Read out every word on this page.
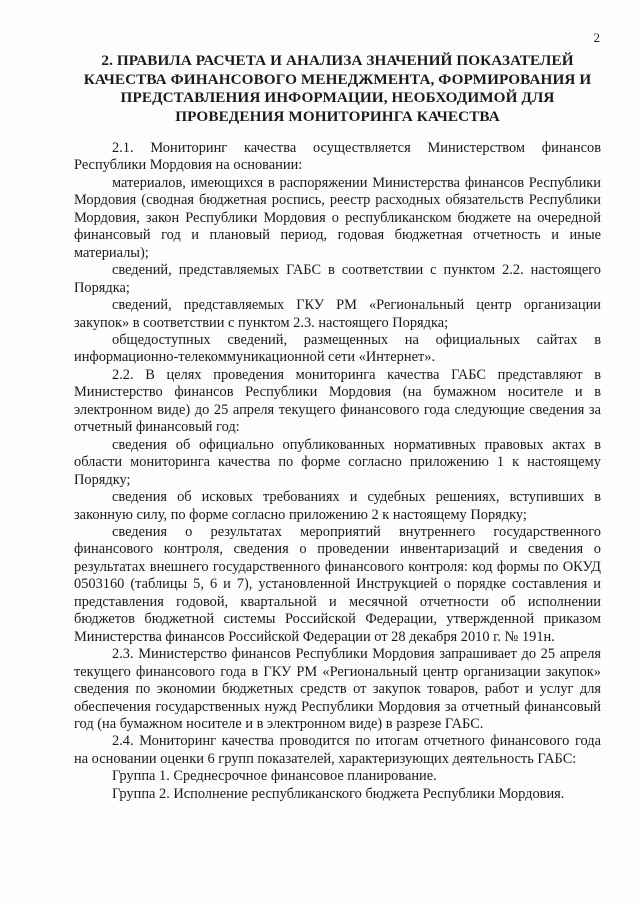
2
2. ПРАВИЛА РАСЧЕТА И АНАЛИЗА ЗНАЧЕНИЙ ПОКАЗАТЕЛЕЙ
КАЧЕСТВА ФИНАНСОВОГО МЕНЕДЖМЕНТА, ФОРМИРОВАНИЯ И
ПРЕДСТАВЛЕНИЯ ИНФОРМАЦИИ, НЕОБХОДИМОЙ ДЛЯ
ПРОВЕДЕНИЯ МОНИТОРИНГА КАЧЕСТВА

2.1. Мониторинг качества осуществляется Министерством финансов Республики Мордовия на основании:

материалов, имеющихся в распоряжении Министерства финансов Республики Мордовия (сводная бюджетная роспись, реестр расходных обязательств Республики Мордовия, закон Республики Мордовия о республиканском бюджете на очередной финансовый год и плановый период, годовая бюджетная отчетность и иные материалы);

сведений, представляемых ГАБС в соответствии с пунктом 2.2. настоящего Порядка;

сведений, представляемых ГКУ РМ «Региональный центр организации закупок» в соответствии с пунктом 2.3. настоящего Порядка;

общедоступных сведений, размещенных на официальных сайтах в информационно-телекоммуникационной сети «Интернет».

2.2. В целях проведения мониторинга качества ГАБС представляют в Министерство финансов Республики Мордовия (на бумажном носителе и в электронном виде) до 25 апреля текущего финансового года следующие сведения за отчетный финансовый год:

сведения об официально опубликованных нормативных правовых актах в области мониторинга качества по форме согласно приложению 1 к настоящему Порядку;

сведения об исковых требованиях и судебных решениях, вступивших в законную силу, по форме согласно приложению 2 к настоящему Порядку;

сведения о результатах мероприятий внутреннего государственного финансового контроля, сведения о проведении инвентаризаций и сведения о результатах внешнего государственного финансового контроля: код формы по ОКУД 0503160 (таблицы 5, 6 и 7), установленной Инструкцией о порядке составления и представления годовой, квартальной и месячной отчетности об исполнении бюджетов бюджетной системы Российской Федерации, утвержденной приказом Министерства финансов Российской Федерации от 28 декабря 2010 г. № 191н.

2.3. Министерство финансов Республики Мордовия запрашивает до 25 апреля текущего финансового года в ГКУ РМ «Региональный центр организации закупок» сведения по экономии бюджетных средств от закупок товаров, работ и услуг для обеспечения государственных нужд Республики Мордовия за отчетный финансовый год (на бумажном носителе и в электронном виде) в разрезе ГАБС.

2.4. Мониторинг качества проводится по итогам отчетного финансового года на основании оценки 6 групп показателей, характеризующих деятельность ГАБС:

Группа 1. Среднесрочное финансовое планирование.

Группа 2. Исполнение республиканского бюджета Республики Мордовия.
